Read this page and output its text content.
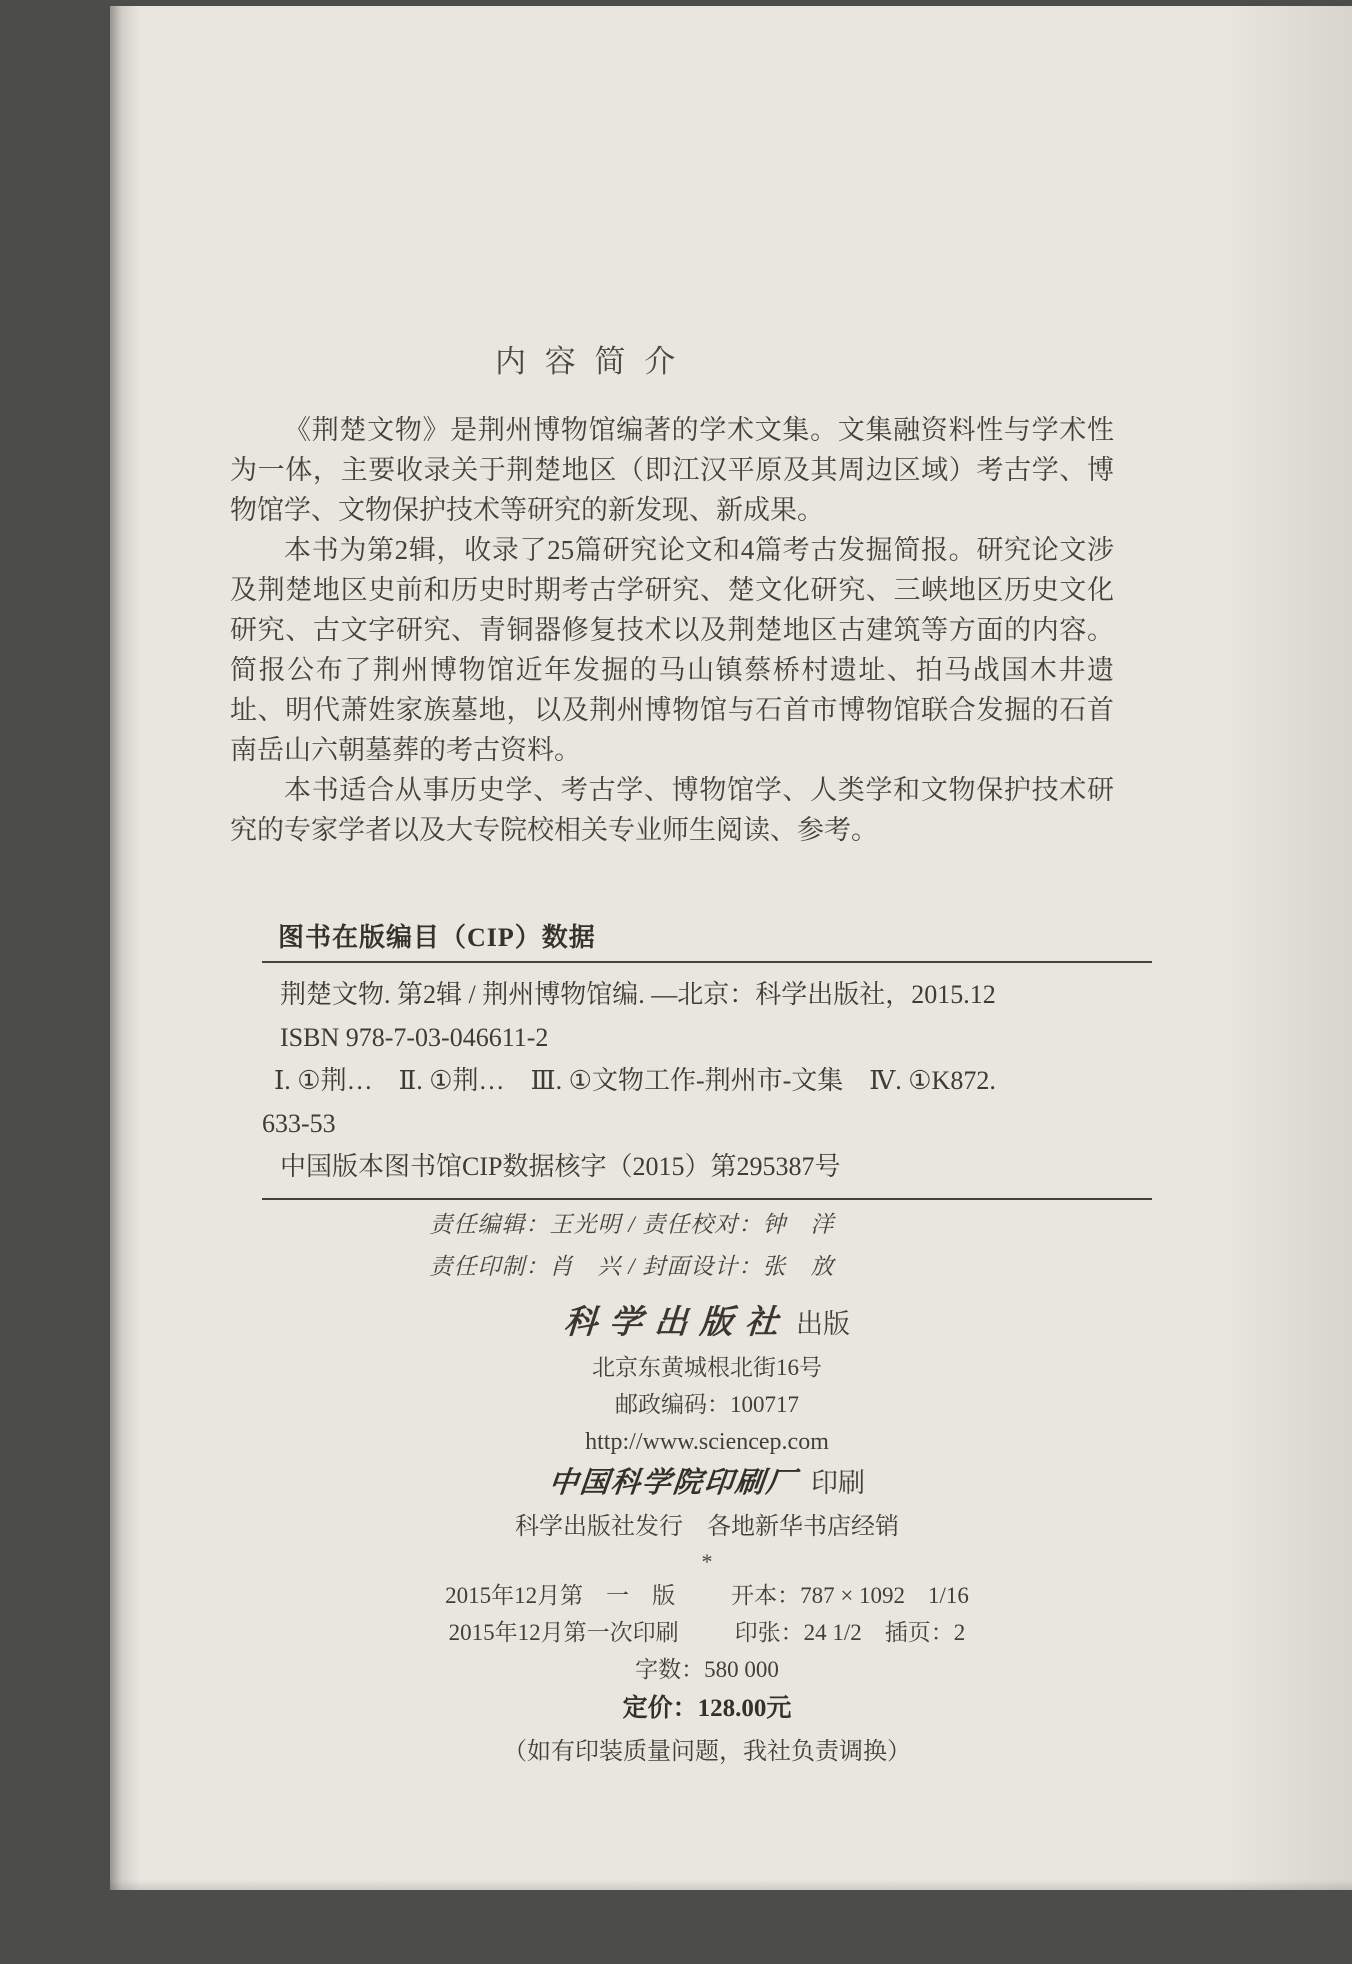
内 容 简 介

《荆楚文物》是荆州博物馆编著的学术文集。文集融资料性与学术性为一体，主要收录关于荆楚地区（即江汉平原及其周边区域）考古学、博物馆学、文物保护技术等研究的新发现、新成果。

本书为第2辑，收录了25篇研究论文和4篇考古发掘简报。研究论文涉及荆楚地区史前和历史时期考古学研究、楚文化研究、三峡地区历史文化研究、古文字研究、青铜器修复技术以及荆楚地区古建筑等方面的内容。简报公布了荆州博物馆近年发掘的马山镇蔡桥村遗址、拍马战国木井遗址、明代萧姓家族墓地，以及荆州博物馆与石首市博物馆联合发掘的石首南岳山六朝墓葬的考古资料。

本书适合从事历史学、考古学、博物馆学、人类学和文物保护技术研究的专家学者以及大专院校相关专业师生阅读、参考。

图书在版编目（CIP）数据
荆楚文物. 第2辑 / 荆州博物馆编. —北京：科学出版社，2015.12
ISBN 978-7-03-046611-2
Ⅰ. ①荆…　Ⅱ. ①荆…　Ⅲ. ①文物工作-荆州市-文集　Ⅳ. ①K872.
633-53
中国版本图书馆CIP数据核字（2015）第295387号
责任编辑：王光明 / 责任校对：钟　洋
责任印制：肖　兴 / 封面设计：张　放
科 学 出 版 社 出版
北京东黄城根北街16号
邮政编码：100717
http://www.sciencep.com
中国科学院印刷厂 印刷
科学出版社发行　各地新华书店经销
*
2015年12月第　一　版 开本：787 × 1092　1/16
2015年12月第一次印刷 印张：24 1/2　插页：2
字数：580 000
定价：128.00元
（如有印装质量问题，我社负责调换）
